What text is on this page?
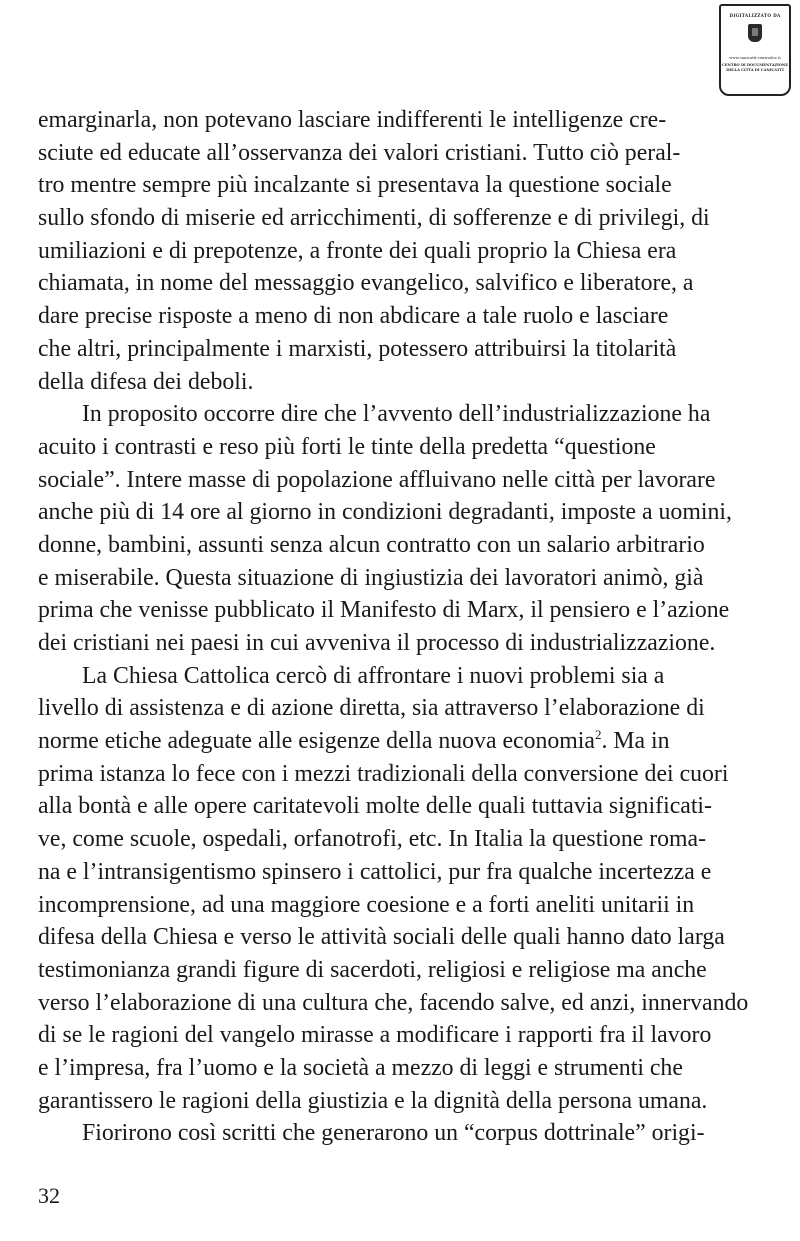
DIGITALIZZATO DA
www.canicatti-centrodoc.it
CENTRO DI DOCUMENTAZIONE
DELLA CITTÀ DI CANICATTÌ
emarginarla, non potevano lasciare indifferenti le intelligenze cre-
sciute ed educate all’osservanza dei valori cristiani. Tutto ciò peral-
tro mentre sempre più incalzante si presentava la questione sociale
sullo sfondo di miserie ed arricchimenti, di sofferenze e di privilegi, di
umiliazioni e di prepotenze, a fronte dei quali proprio la Chiesa era
chiamata, in nome del messaggio evangelico, salvifico e liberatore, a
dare precise risposte a meno di non abdicare a tale ruolo e lasciare
che altri, principalmente i marxisti, potessero attribuirsi la titolarità
della difesa dei deboli.
In proposito occorre dire che l’avvento dell’industrializzazione ha
acuito i contrasti e reso più forti le tinte della predetta “questione
sociale”. Intere masse di popolazione affluivano nelle città per lavorare
anche più di 14 ore al giorno in condizioni degradanti, imposte a uomini,
donne, bambini, assunti senza alcun contratto con un salario arbitrario
e miserabile. Questa situazione di ingiustizia dei lavoratori animò, già
prima che venisse pubblicato il Manifesto di Marx, il pensiero e l’azione
dei cristiani nei paesi in cui avveniva il processo di industrializzazione.
La Chiesa Cattolica cercò di affrontare i nuovi problemi sia a
livello di assistenza e di azione diretta, sia attraverso l’elaborazione di
norme etiche adeguate alle esigenze della nuova economia$^2$. Ma in
prima istanza lo fece con i mezzi tradizionali della conversione dei cuori
alla bontà e alle opere caritatevoli molte delle quali tuttavia significati-
ve, come scuole, ospedali, orfanotrofi, etc. In Italia la questione roma-
na e l’intransigentismo spinsero i cattolici, pur fra qualche incertezza e
incomprensione, ad una maggiore coesione e a forti aneliti unitarii in
difesa della Chiesa e verso le attività sociali delle quali hanno dato larga
testimonianza grandi figure di sacerdoti, religiosi e religiose ma anche
verso l’elaborazione di una cultura che, facendo salve, ed anzi, innervando
di se le ragioni del vangelo mirasse a modificare i rapporti fra il lavoro
e l’impresa, fra l’uomo e la società a mezzo di leggi e strumenti che
garantissero le ragioni della giustizia e la dignità della persona umana.
Fiorirono così scritti che generarono un “corpus dottrinale” origi-
32
